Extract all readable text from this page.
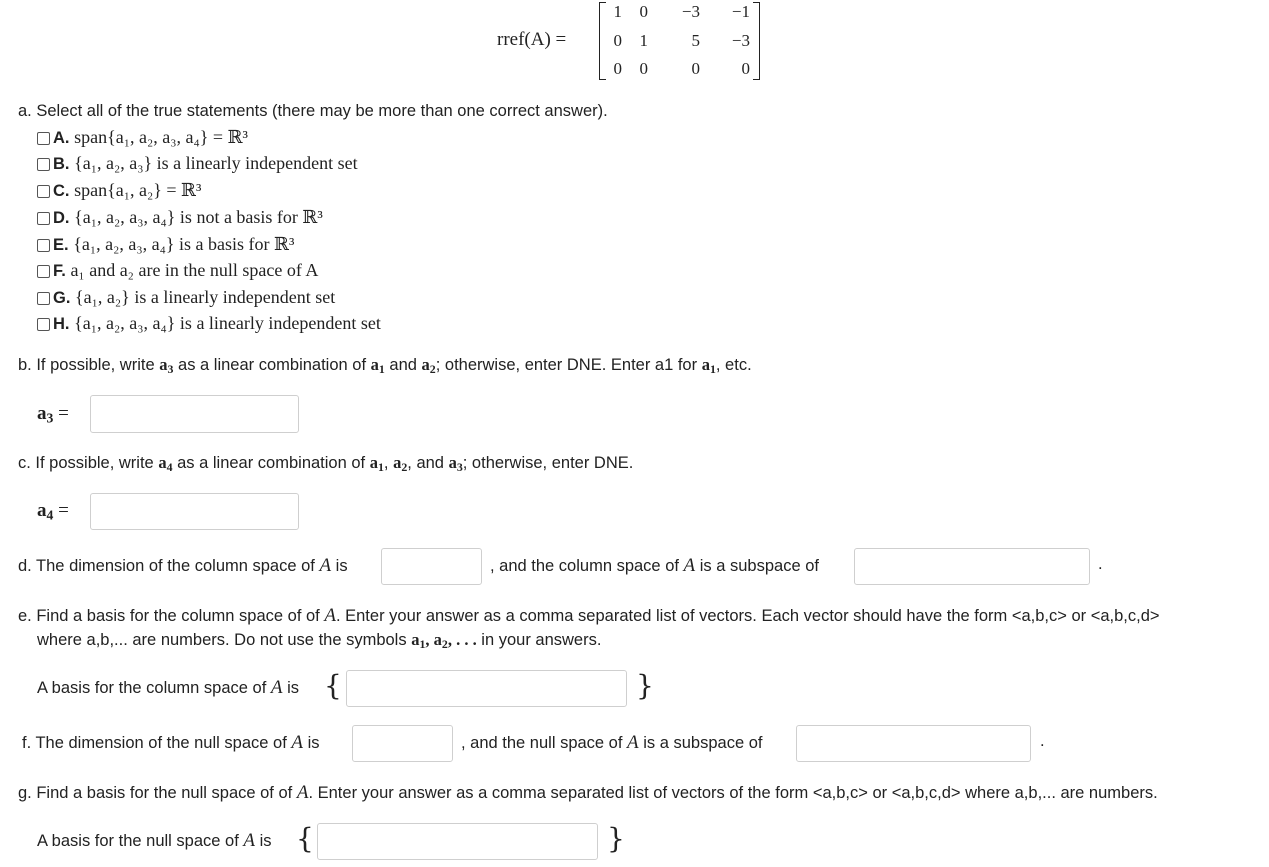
rref(A) =
1	0	−3	−1
0	1	5	−3
0	0	0	0
a. Select all of the true statements (there may be more than one correct answer).
A. span{a₁, a₂, a₃, a₄} = ℝ³
B. {a₁, a₂, a₃} is a linearly independent set
C. span{a₁, a₂} = ℝ³
D. {a₁, a₂, a₃, a₄} is not a basis for ℝ³
E. {a₁, a₂, a₃, a₄} is a basis for ℝ³
F. a₁ and a₂ are in the null space of A
G. {a₁, a₂} is a linearly independent set
H. {a₁, a₂, a₃, a₄} is a linearly independent set
b. If possible, write $a_3$ as a linear combination of $a_1$ and $a_2$; otherwise, enter DNE. Enter a1 for $a_1$, etc.
$a_3$ =
c. If possible, write $a_4$ as a linear combination of $a_1$, $a_2$, and $a_3$; otherwise, enter DNE.
$a_4$ =
d. The dimension of the column space of A is	, and the column space of A is a subspace of	.
e. Find a basis for the column space of of A. Enter your answer as a comma separated list of vectors. Each vector should have the form <a,b,c> or <a,b,c,d>
where a,b,... are numbers. Do not use the symbols $a_1$, $a_2$, . . . in your answers.
A basis for the column space of A is {	}
f. The dimension of the null space of A is	, and the null space of A is a subspace of	.
g. Find a basis for the null space of of A. Enter your answer as a comma separated list of vectors of the form <a,b,c> or <a,b,c,d> where a,b,... are numbers.
A basis for the null space of A is {	}
